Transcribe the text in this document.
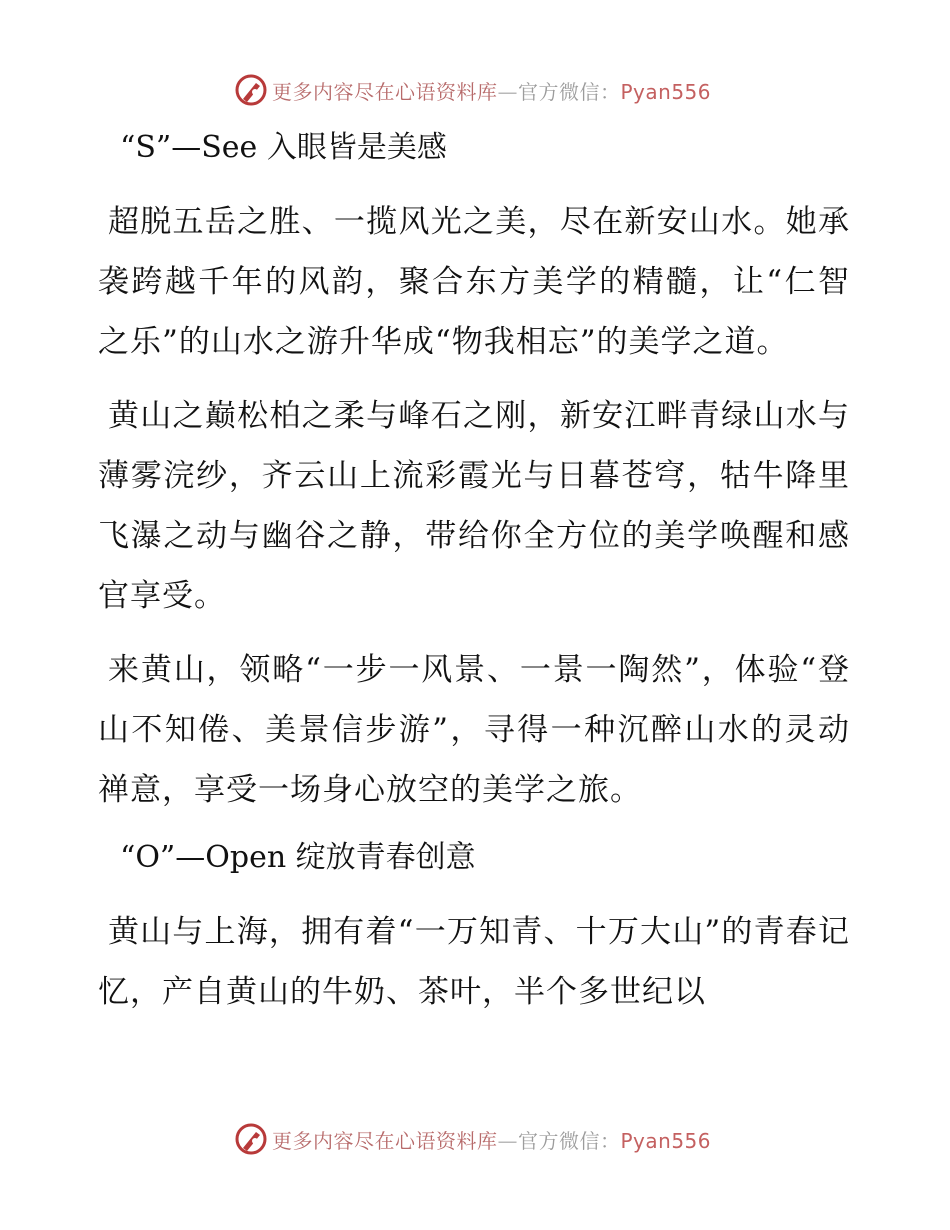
更多内容尽在心语资料库—官方微信：Pyan556
“S”—See 入眼皆是美感

超脱五岳之胜、一揽风光之美，尽在新安山水。她承袭跨越千年的风韵，聚合东方美学的精髓，让“仁智之乐”的山水之游升华成“物我相忘”的美学之道。

黄山之巅松柏之柔与峰石之刚，新安江畔青绿山水与薄雾浣纱，齐云山上流彩霞光与日暮苍穹，牯牛降里飞瀑之动与幽谷之静，带给你全方位的美学唤醒和感官享受。

来黄山，领略“一步一风景、一景一陶然”，体验“登山不知倦、美景信步游”，寻得一种沉醉山水的灵动禅意，享受一场身心放空的美学之旅。

“O”—Open 绽放青春创意

黄山与上海，拥有着“一万知青、十万大山”的青春记忆，产自黄山的牛奶、茶叶，半个多世纪以

更多内容尽在心语资料库—官方微信：Pyan556
